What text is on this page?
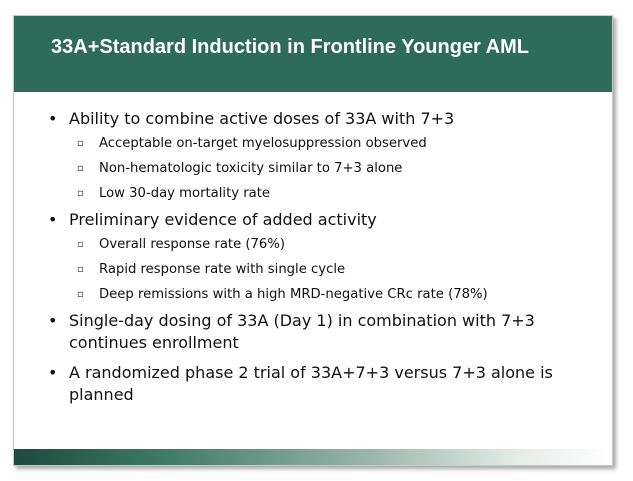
33A+Standard Induction in Frontline Younger AML
• Ability to combine active doses of 33A with 7+3
▫ Acceptable on-target myelosuppression observed
▫ Non-hematologic toxicity similar to 7+3 alone
▫ Low 30-day mortality rate
• Preliminary evidence of added activity
▫ Overall response rate (76%)
▫ Rapid response rate with single cycle
▫ Deep remissions with a high MRD-negative CRc rate (78%)
• Single-day dosing of 33A (Day 1) in combination with 7+3 continues enrollment
• A randomized phase 2 trial of 33A+7+3 versus 7+3 alone is planned
